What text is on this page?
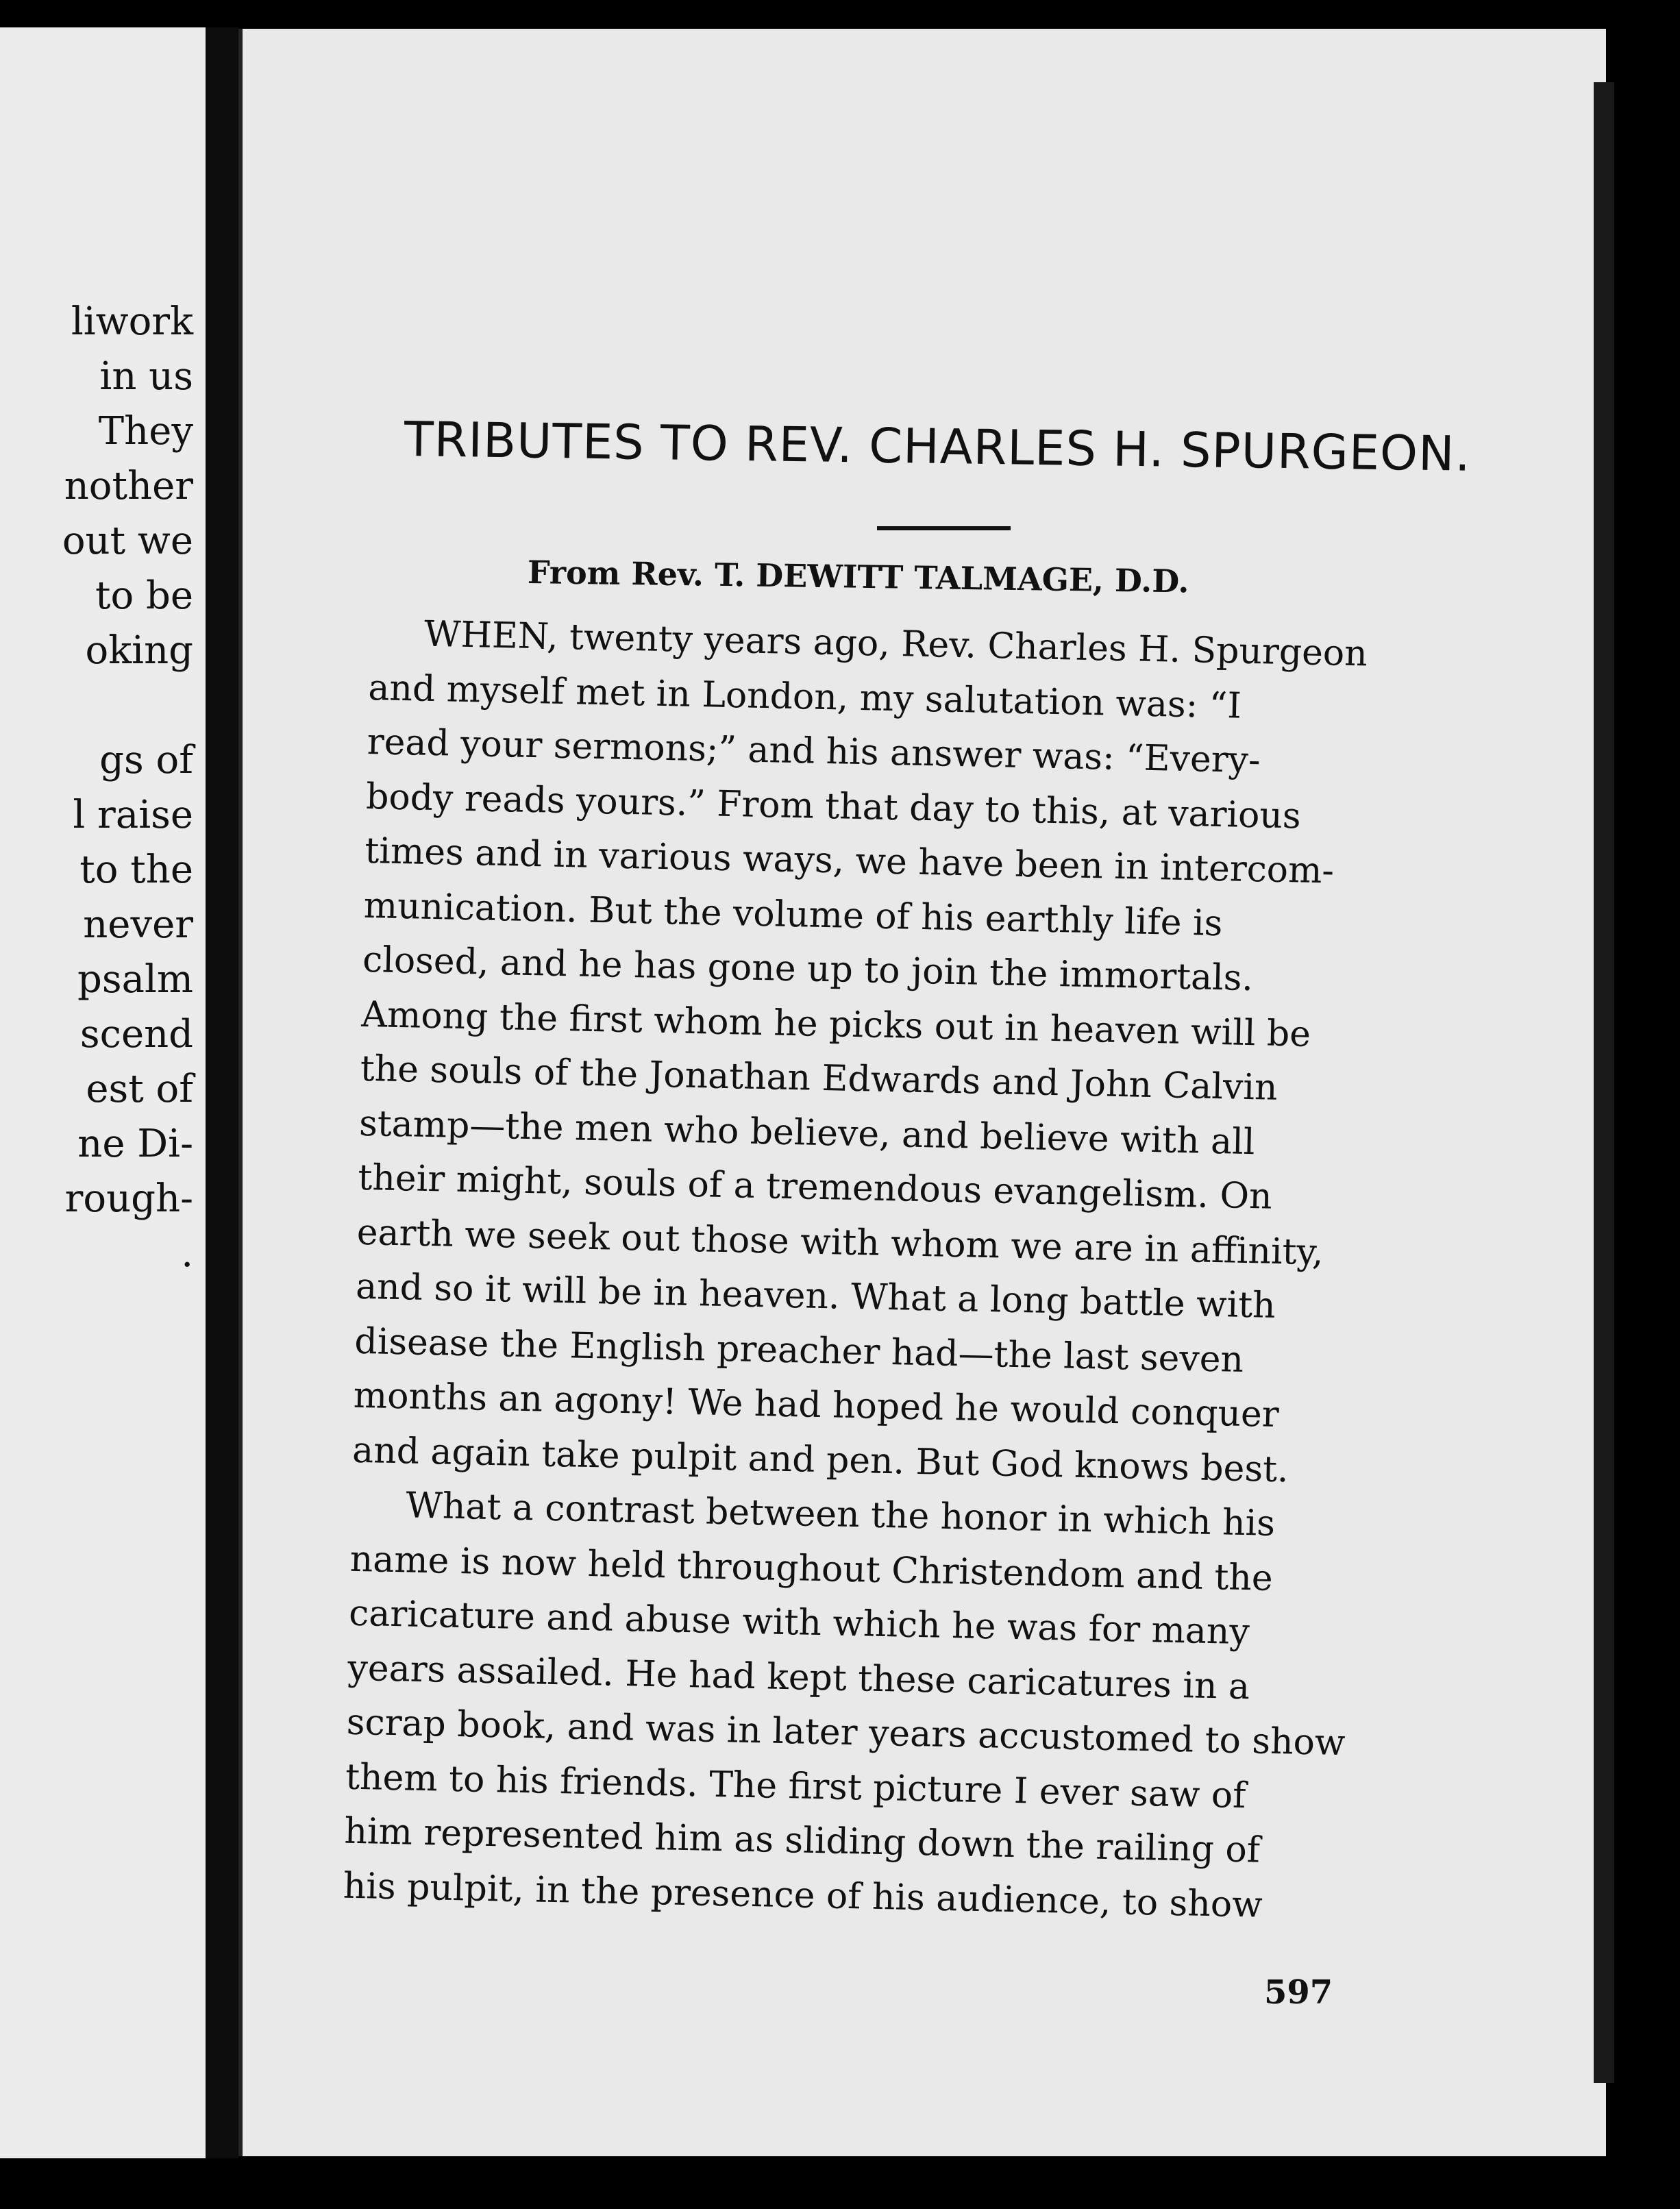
liwork
in us
They
nother
out we
to be
oking
gs of
l raise
to the
never
psalm
scend
est of
ne Di-
rough-
.
TRIBUTES TO REV. CHARLES H. SPURGEON.
From Rev. T. DEWITT TALMAGE, D.D.
WHEN, twenty years ago, Rev. Charles H. Spurgeon
and myself met in London, my salutation was: “I
read your sermons;” and his answer was: “Every-
body reads yours.” From that day to this, at various
times and in various ways, we have been in intercom-
munication. But the volume of his earthly life is
closed, and he has gone up to join the immortals.
Among the first whom he picks out in heaven will be
the souls of the Jonathan Edwards and John Calvin
stamp—the men who believe, and believe with all
their might, souls of a tremendous evangelism. On
earth we seek out those with whom we are in affinity,
and so it will be in heaven. What a long battle with
disease the English preacher had—the last seven
months an agony! We had hoped he would conquer
and again take pulpit and pen. But God knows best.
What a contrast between the honor in which his
name is now held throughout Christendom and the
caricature and abuse with which he was for many
years assailed. He had kept these caricatures in a
scrap book, and was in later years accustomed to show
them to his friends. The first picture I ever saw of
him represented him as sliding down the railing of
his pulpit, in the presence of his audience, to show
597
